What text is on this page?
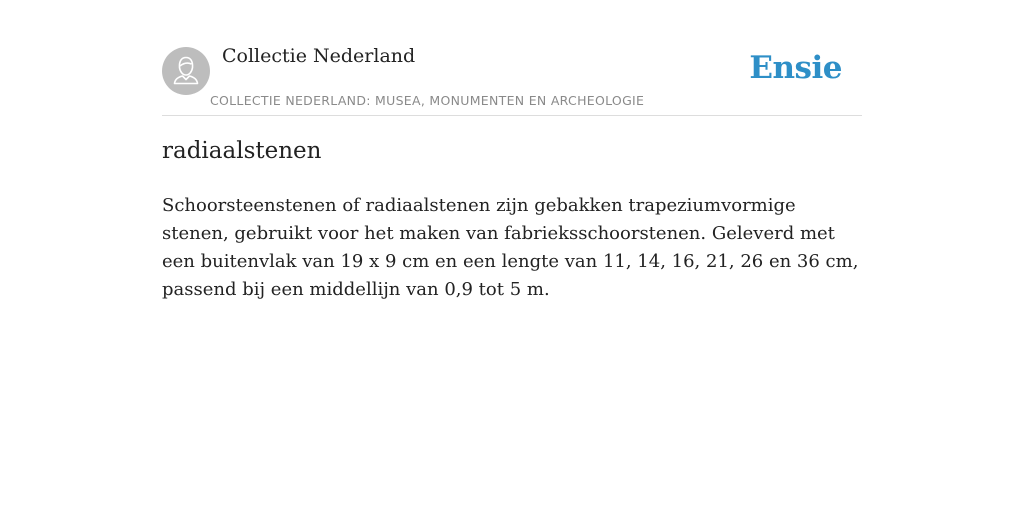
Collectie Nederland
COLLECTIE NEDERLAND: MUSEA, MONUMENTEN EN ARCHEOLOGIE
Ensie
radiaalstenen

Schoorsteenstenen of radiaalstenen zijn gebakken trapeziumvormige stenen, gebruikt voor het maken van fabrieksschoorstenen. Geleverd met een buitenvlak van 19 x 9 cm en een lengte van 11, 14, 16, 21, 26 en 36 cm, passend bij een middellijn van 0,9 tot 5 m.
